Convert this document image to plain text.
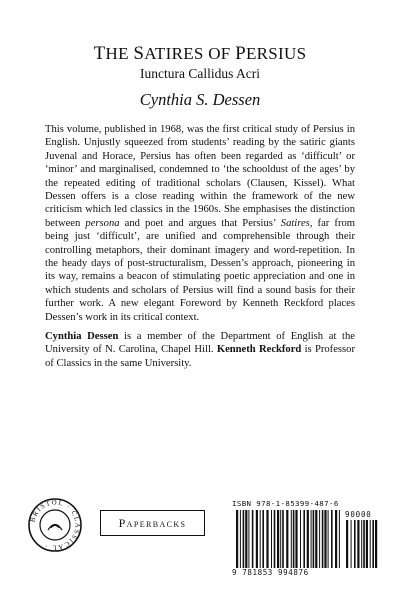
THE SATIRES OF PERSIUS
Iunctura Callidus Acri
Cynthia S. Dessen

This volume, published in 1968, was the first critical study of Persius in English. Unjustly squeezed from students’ reading by the satiric giants Juvenal and Horace, Persius has often been regarded as ‘difficult’ or ‘minor’ and marginalised, condemned to ‘the schooldust of the ages’ by the repeated editing of traditional scholars (Clausen, Kissel). What Dessen offers is a close reading within the framework of the new criticism which led classics in the 1960s. She emphasises the distinction between persona and poet and argues that Persius’ Satires, far from being just ‘difficult’, are unified and comprehensible through their controlling metaphors, their dominant imagery and word-repetition. In the heady days of post-structuralism, Dessen’s approach, pioneering in its way, remains a beacon of stimulating poetic appreciation and one in which students and scholars of Persius will find a sound basis for their further work. A new elegant Foreword by Kenneth Reckford places Dessen’s work in its critical context.

Cynthia Dessen is a member of the Department of English at the University of N. Carolina, Chapel Hill. Kenneth Reckford is Professor of Classics in the same University.

BRISTOL · CLASSICAL ·
Paperbacks
ISBN 978-1-85399-487-6
90000
9 781853 994876
